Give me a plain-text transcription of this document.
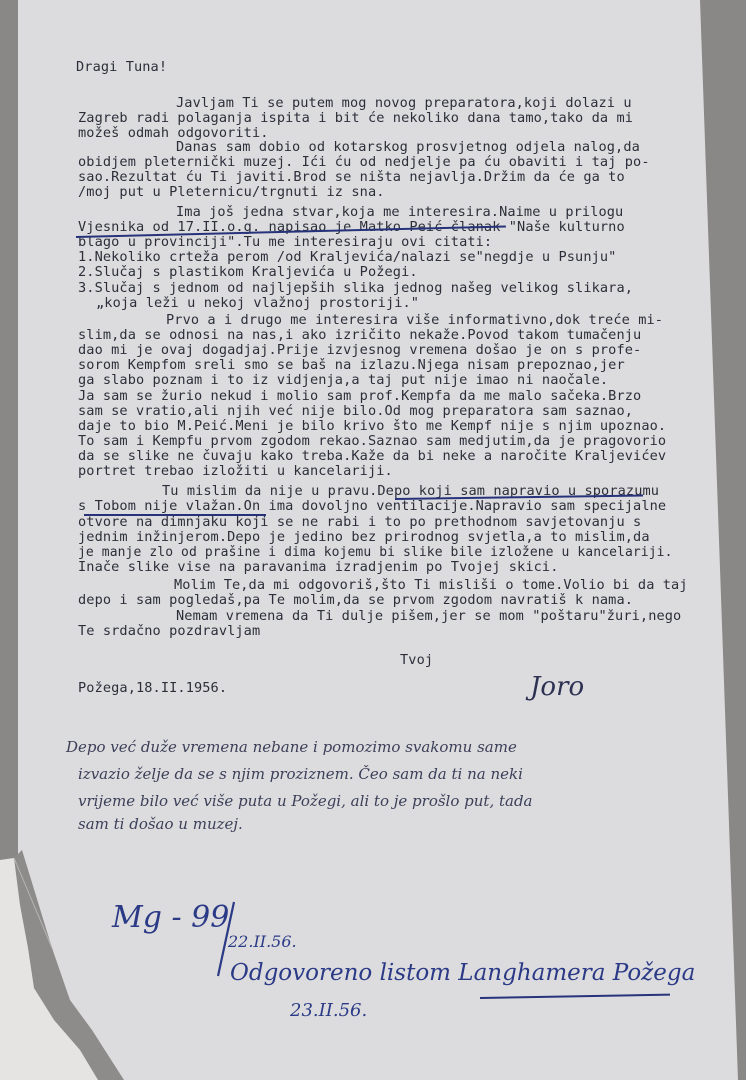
Dragi Tuna!

Javljam Ti se putem mog novog preparatora,koji dolazi u

Zagreb radi polaganja ispita i bit će nekoliko dana tamo,tako da mi

možeš odmah odgovoriti.

Danas sam dobio od kotarskog prosvjetnog odjela nalog,da

obidjem pleternički muzej. Ići ću od nedjelje pa ću obaviti i taj po-

sao.Rezultat ću Ti javiti.Brod se ništa nejavlja.Držim da će ga to

/moj put u Pleternicu/trgnuti iz sna.

Ima još jedna stvar,koja me interesira.Naime u prilogu

Vjesnika od 17.II.o.g. napisao je Matko Peić članak "Naše kulturno

blago u provinciji".Tu me interesiraju ovi citati:

1.Nekoliko crteža perom /od Kraljevića/nalazi se"negdje u Psunju"

2.Slučaj s plastikom Kraljevića u Požegi.

3.Slučaj s jednom od najljepših slika jednog našeg velikog slikara,

„koja leži u nekoj vlažnoj prostoriji."

Prvo a i drugo me interesira više informativno,dok treće mi-

slim,da se odnosi na nas,i ako izričito nekaže.Povod takom tumačenju

dao mi je ovaj dogadjaj.Prije izvjesnog vremena došao je on s profe-

sorom Kempfom sreli smo se baš na izlazu.Njega nisam prepoznao,jer

ga slabo poznam i to iz vidjenja,a taj put nije imao ni naočale.

Ja sam se žurio nekud i molio sam prof.Kempfa da me malo sačeka.Brzo

sam se vratio,ali njih već nije bilo.Od mog preparatora sam saznao,

daje to bio M.Peić.Meni je bilo krivo što me Kempf nije s njim upoznao.

To sam i Kempfu prvom zgodom rekao.Saznao sam medjutim,da je pragovorio

da se slike ne čuvaju kako treba.Kaže da bi neke a naročite Kraljevićev

portret trebao izložiti u kancelariji.

Tu mislim da nije u pravu.Depo koji sam napravio u sporazumu

s Tobom nije vlažan.On ima dovoljno ventilacije.Napravio sam specijalne

otvore na dimnjaku koji se ne rabi i to po prethodnom savjetovanju s

jednim inžinjerom.Depo je jedino bez prirodnog svjetla,a to mislim,da

je manje zlo od prašine i dima kojemu bi slike bile izložene u kancelariji.

Inače slike vise na paravanima izradjenim po Tvojej skici.

Molim Te,da mi odgovoriš,što Ti misliši o tome.Volio bi da taj

depo i sam pogledaš,pa Te molim,da se prvom zgodom navratiš k nama.

Nemam vremena da Ti dulje pišem,jer se mom "poštaru"žuri,nego

Te srdačno pozdravljam

Tvoj

Požega,18.II.1956.	Joro
Depo već duže vremena nebane i pomozimo svakomu same
izvazio želje da se s njim proziznem. Čeo sam da ti na neki
vrijeme bilo već više puta u Požegi, ali to je prošlo put, tada
sam ti došao u muzej.
Mg - 99
22.II.56.
Odgovoreno listom Langhamera Požega
23.II.56.
